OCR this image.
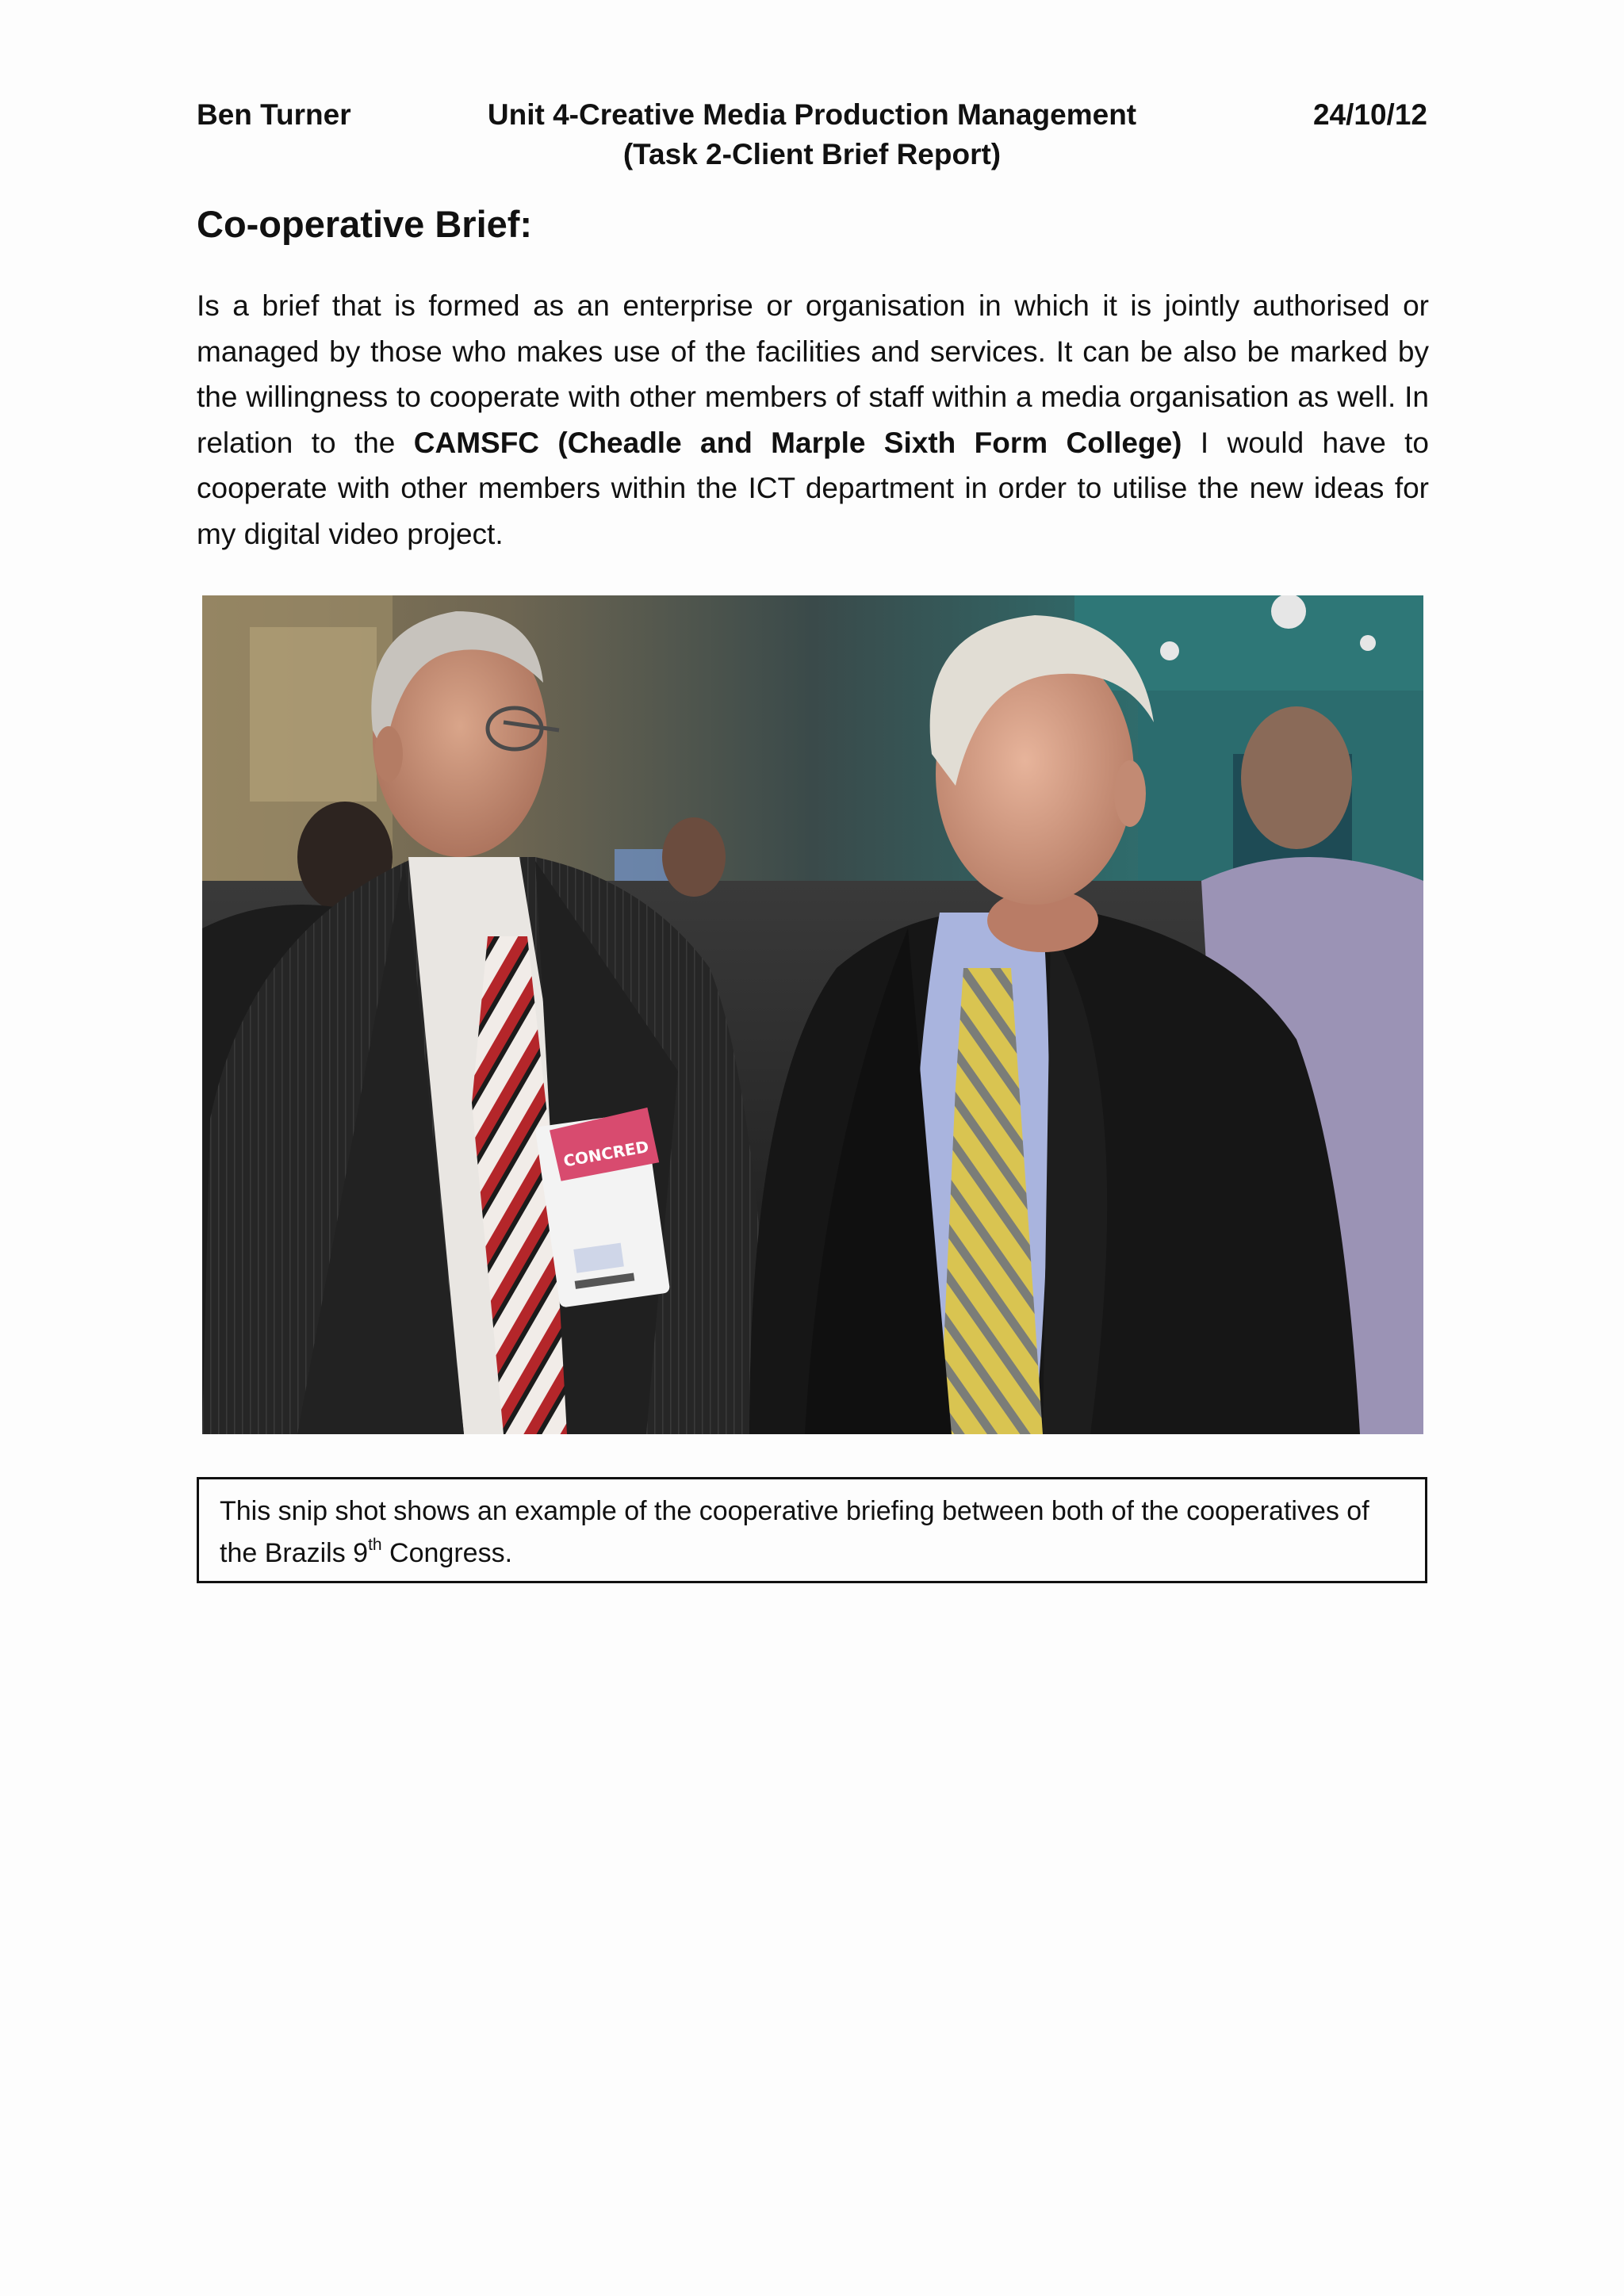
Ben Turner	Unit 4-Creative Media Production Management
(Task 2-Client Brief Report)
24/10/12
Co-operative Brief:

Is a brief that is formed as an enterprise or organisation in which it is jointly authorised or managed by those who makes use of the facilities and services. It can be also be marked by the willingness to cooperate with other members of staff within a media organisation as well. In relation to the CAMSFC (Cheadle and Marple Sixth Form College) I would have to cooperate with other members within the ICT department in order to utilise the new ideas for my digital video project.

CONCRED
This snip shot shows an example of the cooperative briefing between both of the cooperatives of the Brazils 9th Congress.
